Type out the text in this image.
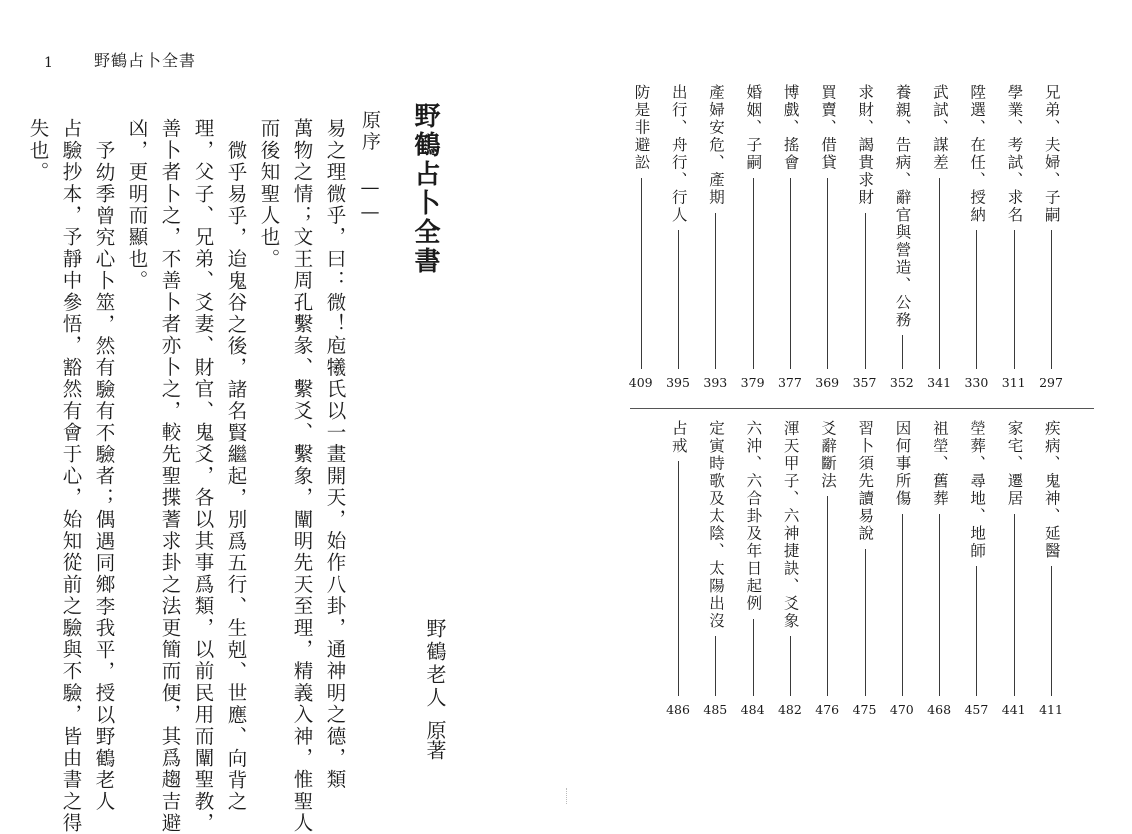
1	野鶴占卜全書
野鶴占卜全書
野鶴老人
原著
原序 ——
易之理微乎，曰：微！庖犧氏以一畫開天，始作八卦，通神明之德，類
萬物之情；文王周孔繫彖、繫爻、繫象，闡明先天至理，精義入神，惟聖人
而後知聖人也。
微乎易乎，迨鬼谷之後，諸名賢繼起，別爲五行、生剋、世應、向背之
理，父子、兄弟、爻妻、財官、鬼爻，各以其事爲類，以前民用而闡聖教，
善卜者卜之，不善卜者亦卜之，較先聖揲蓍求卦之法更簡而便，其爲趨吉避
凶，更明而顯也。
予幼季曾究心卜筮，然有驗有不驗者；偶遇同鄉李我平，授以野鶴老人
占驗抄本，予靜中參悟，豁然有會于心，始知從前之驗與不驗，皆由書之得
失也。	兄弟、夫婦、子嗣
297
學業、考試、求名
311
陞選、在任、授納
330
武試、謀差
341
養親、告病、辭官與營造、公務
352
求財、謁貴求財
357
買賣、借貸
369
博戲、搖會
377
婚姻、子嗣
379
產婦安危、產期
393
出行、舟行、行人
395
防是非避訟
409
疾病、鬼神、延醫
411
家宅、遷居
441
塋葬、尋地、地師
457
祖塋、舊葬
468
因何事所傷
470
習卜須先讀易說
475
爻辭斷法
476
渾天甲子、六神捷訣、爻象
482
六沖、六合卦及年日起例
484
定寅時歌及太陰、太陽出沒
485
占戒
486
